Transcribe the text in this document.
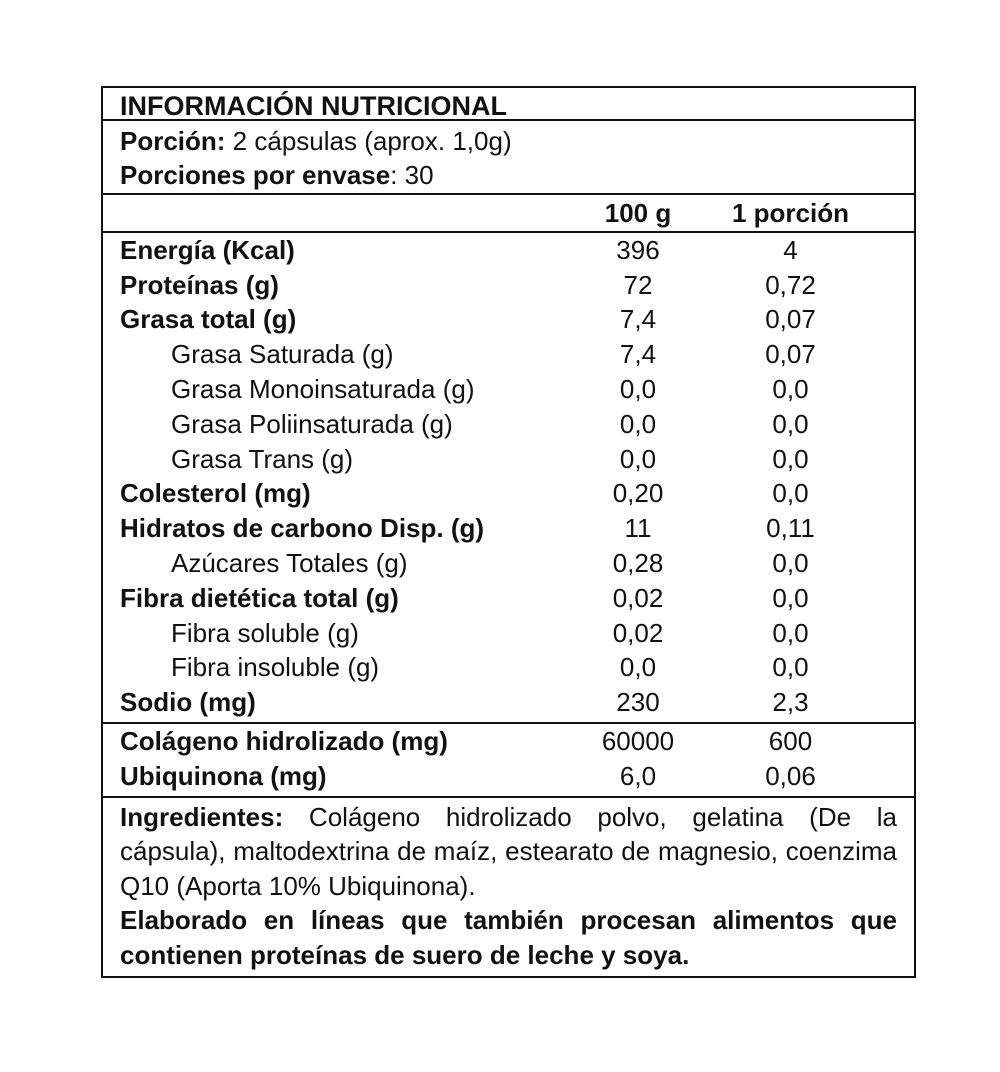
INFORMACIÓN NUTRICIONAL
Porción: 2 cápsulas (aprox. 1,0g)
Porciones por envase: 30
100 g	1 porción
Energía (Kcal)	396	4
Proteínas (g)	72	0,72
Grasa total (g)	7,4	0,07
Grasa Saturada (g)	7,4	0,07
Grasa Monoinsaturada (g)	0,0	0,0
Grasa Poliinsaturada (g)	0,0	0,0
Grasa Trans (g)	0,0	0,0
Colesterol (mg)	0,20	0,0
Hidratos de carbono Disp. (g)	11	0,11
Azúcares Totales (g)	0,28	0,0
Fibra dietética total (g)	0,02	0,0
Fibra soluble (g)	0,02	0,0
Fibra insoluble (g)	0,0	0,0
Sodio (mg)	230	2,3
Colágeno hidrolizado (mg)	60000	600
Ubiquinona (mg)	6,0	0,06

Ingredientes: Colágeno hidrolizado polvo, gelatina (De la cápsula), maltodextrina de maíz, estearato de magnesio, coenzima Q10 (Aporta 10% Ubiquinona).

Elaborado en líneas que también procesan alimentos que contienen proteínas de suero de leche y soya.
